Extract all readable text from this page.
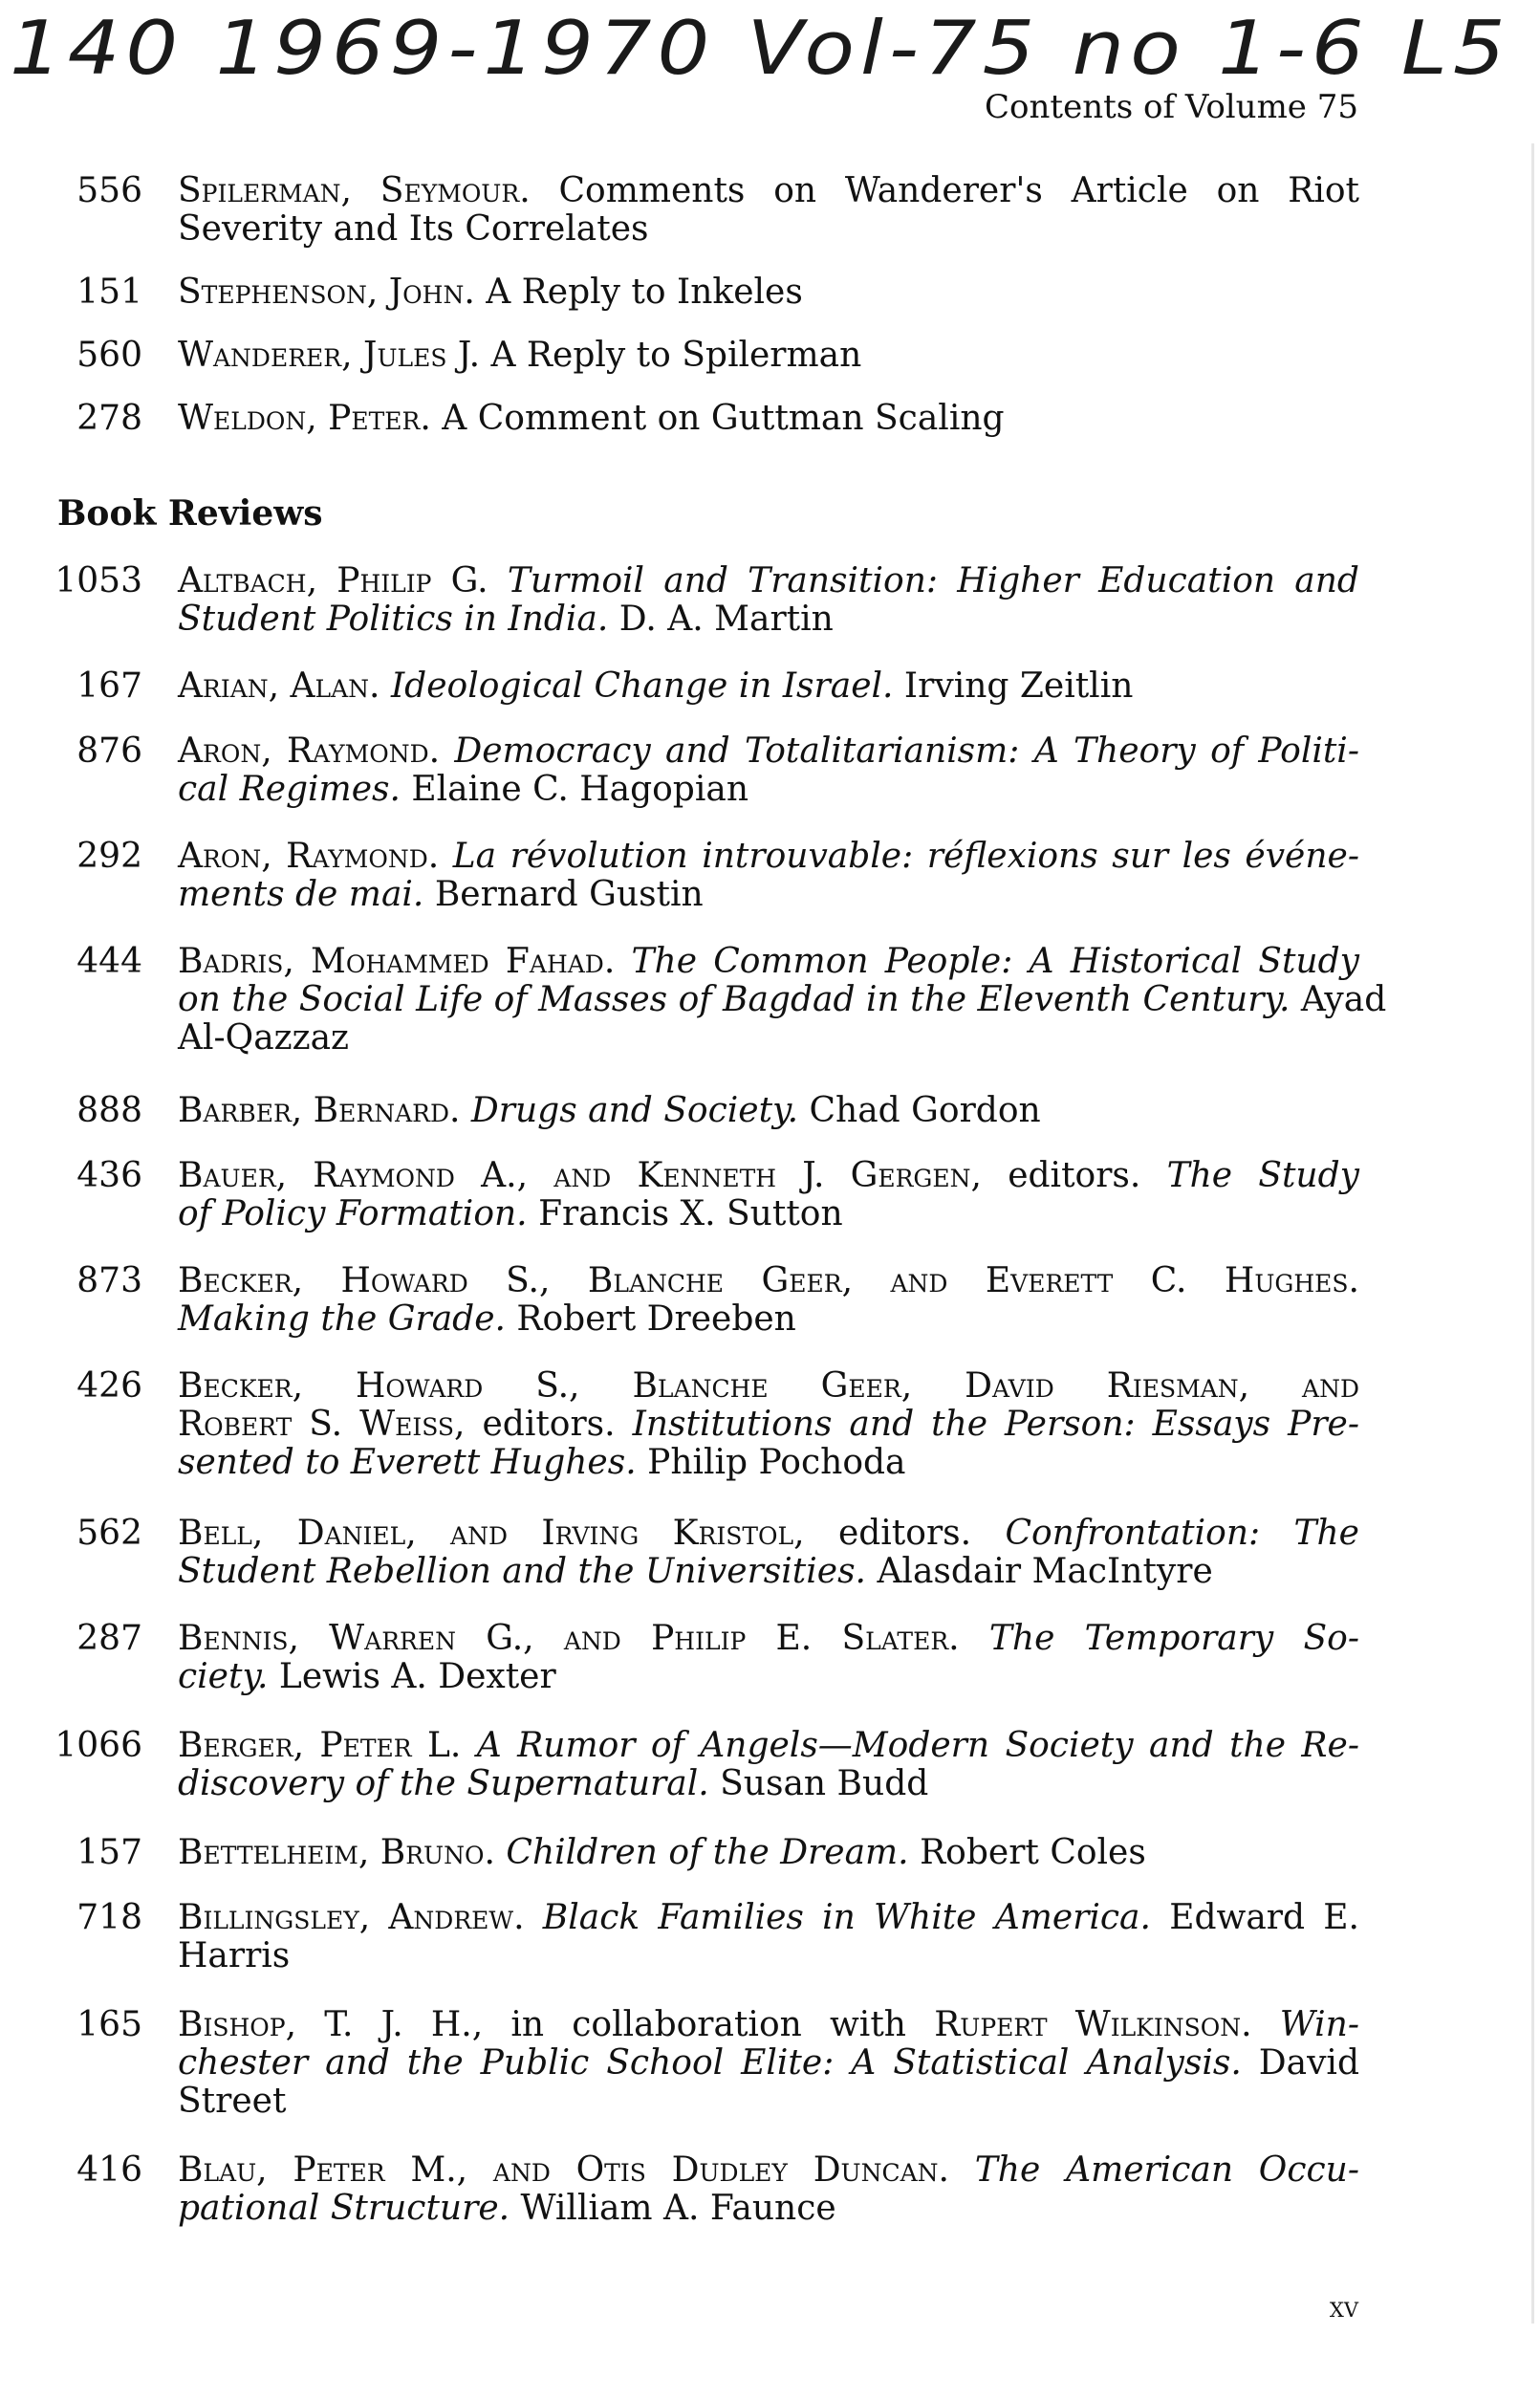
140 1969-1970 Vol-75 no 1-6 L5
Contents of Volume 75
556 Spilerman, Seymour. Comments on Wanderer's Article on Riot
Severity and Its Correlates
151 Stephenson, John. A Reply to Inkeles
560 Wanderer, Jules J. A Reply to Spilerman
278 Weldon, Peter. A Comment on Guttman Scaling
Book Reviews
1053 Altbach, Philip G. Turmoil and Transition: Higher Education and
Student Politics in India. D. A. Martin
167 Arian, Alan. Ideological Change in Israel. Irving Zeitlin
876 Aron, Raymond. Democracy and Totalitarianism: A Theory of Politi-
cal Regimes. Elaine C. Hagopian
292 Aron, Raymond. La révolution introuvable: réflexions sur les événe-
ments de mai. Bernard Gustin
444 Badris, Mohammed Fahad. The Common People: A Historical Study
on the Social Life of Masses of Bagdad in the Eleventh Century. Ayad
Al-Qazzaz
888 Barber, Bernard. Drugs and Society. Chad Gordon
436 Bauer, Raymond A., and Kenneth J. Gergen, editors. The Study
of Policy Formation. Francis X. Sutton
873 Becker, Howard S., Blanche Geer, and Everett C. Hughes.
Making the Grade. Robert Dreeben
426 Becker, Howard S., Blanche Geer, David Riesman, and
Robert S. Weiss, editors. Institutions and the Person: Essays Pre-
sented to Everett Hughes. Philip Pochoda
562 Bell, Daniel, and Irving Kristol, editors. Confrontation: The
Student Rebellion and the Universities. Alasdair MacIntyre
287 Bennis, Warren G., and Philip E. Slater. The Temporary So-
ciety. Lewis A. Dexter
1066 Berger, Peter L. A Rumor of Angels—Modern Society and the Re-
discovery of the Supernatural. Susan Budd
157 Bettelheim, Bruno. Children of the Dream. Robert Coles
718 Billingsley, Andrew. Black Families in White America. Edward E.
Harris
165 Bishop, T. J. H., in collaboration with Rupert Wilkinson. Win-
chester and the Public School Elite: A Statistical Analysis. David
Street
416 Blau, Peter M., and Otis Dudley Duncan. The American Occu-
pational Structure. William A. Faunce
xv
